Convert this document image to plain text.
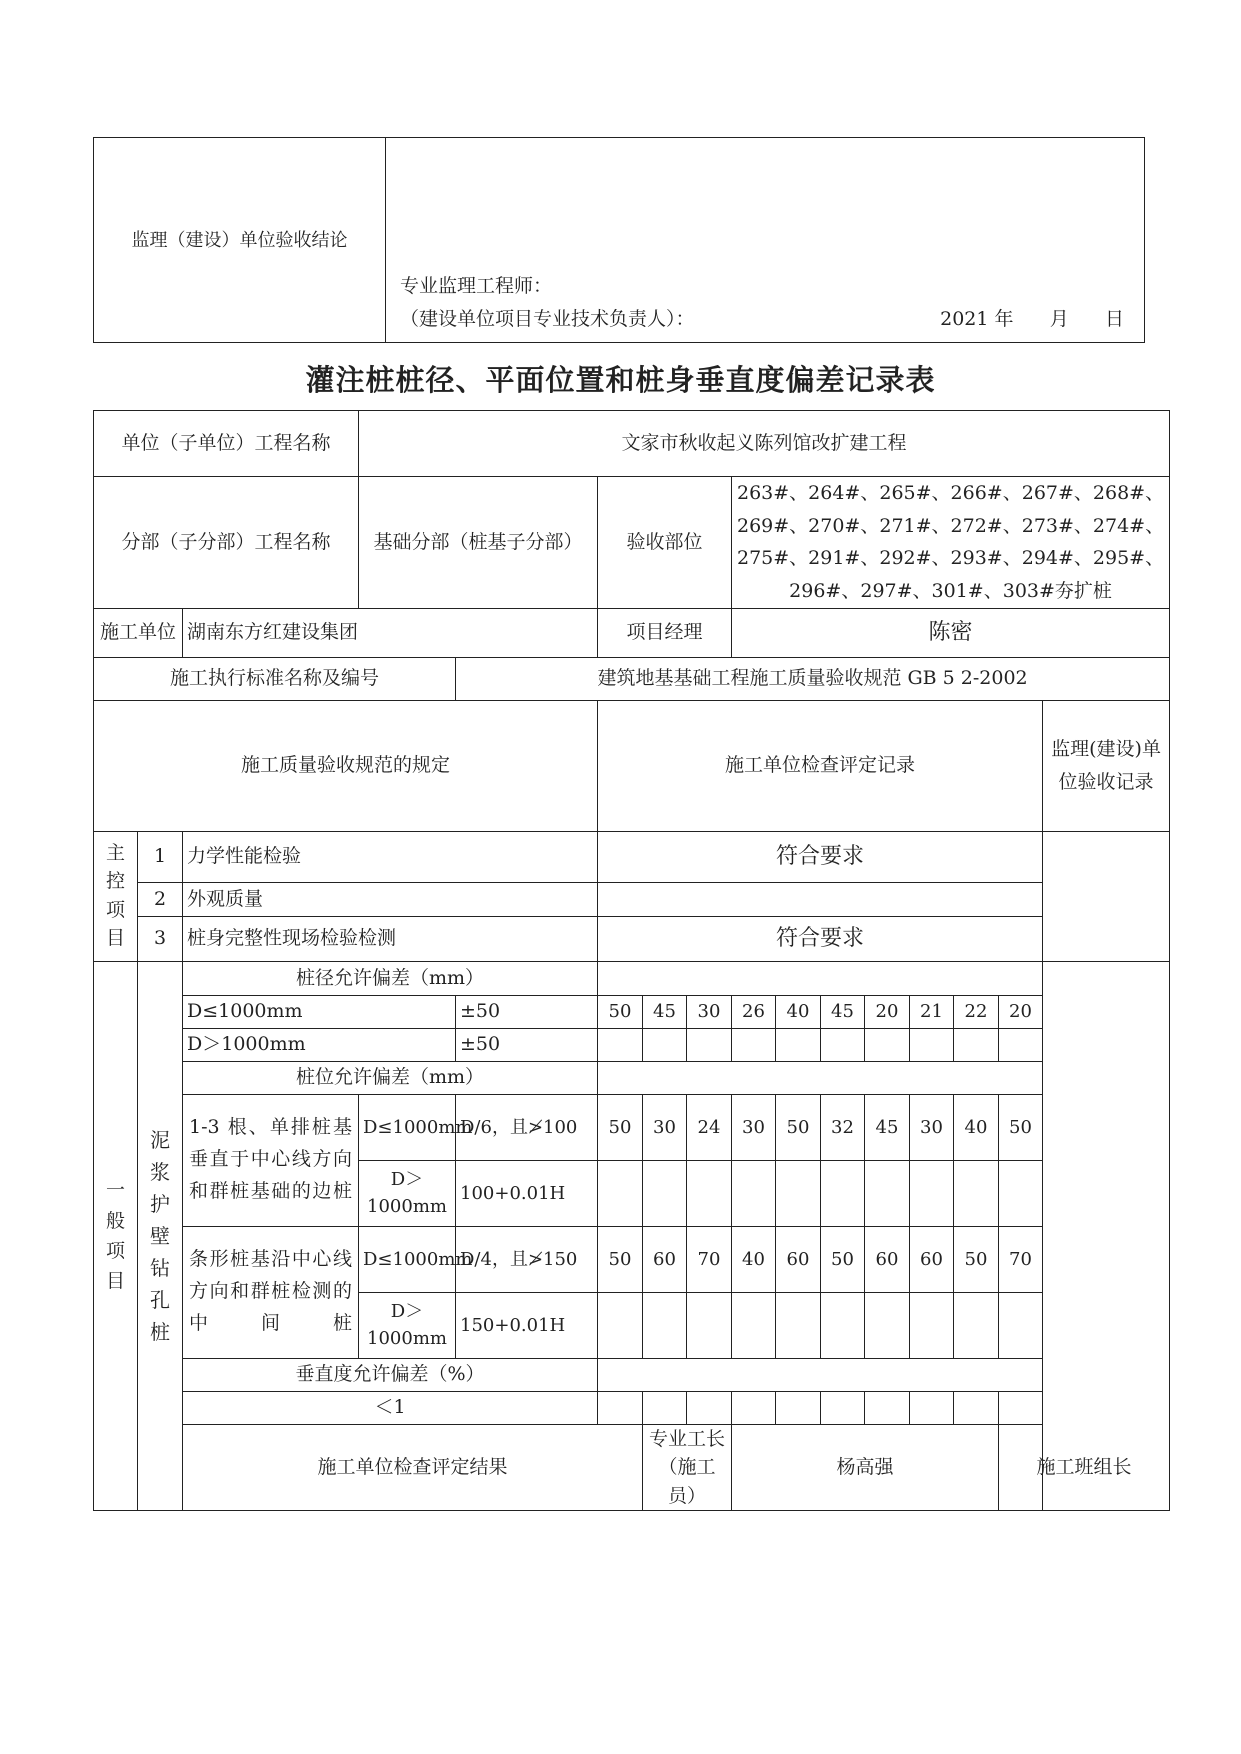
监理（建设）单位验收结论	
专业监理工程师：
（建设单位项目专业技术负责人）：	2021 年      月      日
灌注桩桩径、平面位置和桩身垂直度偏差记录表
单位（子单位）工程名称			文家市秋收起义陈列馆改扩建工程													
分部（子分部）工程名称			基础分部（桩基子分部）		验收部位			263#、264#、265#、266#、267#、268#、269#、270#、271#、272#、273#、274#、275#、291#、292#、293#、294#、295#、296#、297#、301#、303#夯扩桩								
施工单位		湖南东方红建设集团			项目经理			陈密								
施工执行标准名称及编号				建筑地基基础工程施工质量验收规范 GB 5 2-2002												
施工质量验收规范的规定					施工单位检查评定记录										监理(建设)单位验收记录	
主控项目	1	力学性能检验			符合要求											
	2	外观质量														
	3	桩身完整性现场检验检测			符合要求											
一般项目	泥浆护壁钻孔桩	桩径允许偏差（mm）														
		D≤1000mm		±50	50	45	30	26	40	45	20	21	22	20		
		D＞1000mm		±50												
		桩位允许偏差（mm）														
		1-3 根、单排桩基垂直于中心线方向和群桩基础的边桩	D≤1000mm	D/6，且≯100	50	30	24	30	50	32	45	30	40	50		
			D＞1000mm	100+0.01H												
		条形桩基沿中心线方向和群桩检测的中间桩	D≤1000mm	D/4，且≯150	50	60	70	40	60	50	60	60	50	70		
			D＞1000mm	150+0.01H												
		垂直度允许偏差（%）														
		＜1														
		施工单位检查评定结果				专业工长（施工员）		杨高强						施工班组长	
